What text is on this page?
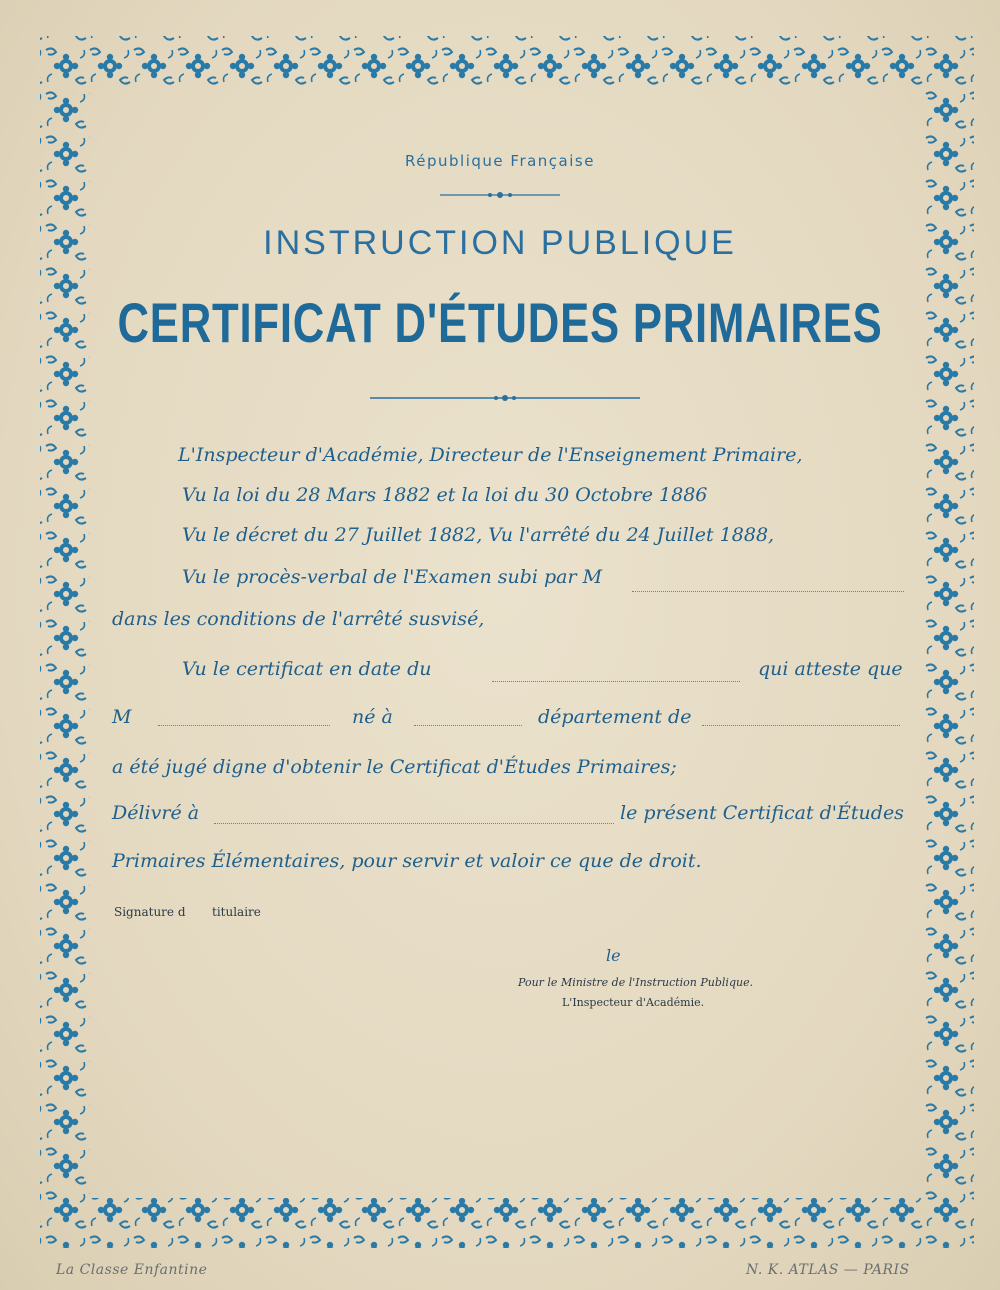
République Française
INSTRUCTION PUBLIQUE
CERTIFICAT D'ÉTUDES PRIMAIRES
L'Inspecteur d'Académie, Directeur de l'Enseignement Primaire,
Vu la loi du 28 Mars 1882 et la loi du 30 Octobre 1886
Vu le décret du 27 Juillet 1882, Vu l'arrêté du 24 Juillet 1888,
Vu le procès-verbal de l'Examen subi par M
dans les conditions de l'arrêté susvisé,
Vu le certificat en date du	qui atteste que
M	né à	département de
a été jugé digne d'obtenir le Certificat d'Études Primaires;
Délivré à	le présent Certificat d'Études
Primaires Élémentaires, pour servir et valoir ce que de droit.
Signature d titulaire
le
Pour le Ministre de l'Instruction Publique.
L'Inspecteur d'Académie.
La Classe Enfantine	N. K. ATLAS — PARIS
